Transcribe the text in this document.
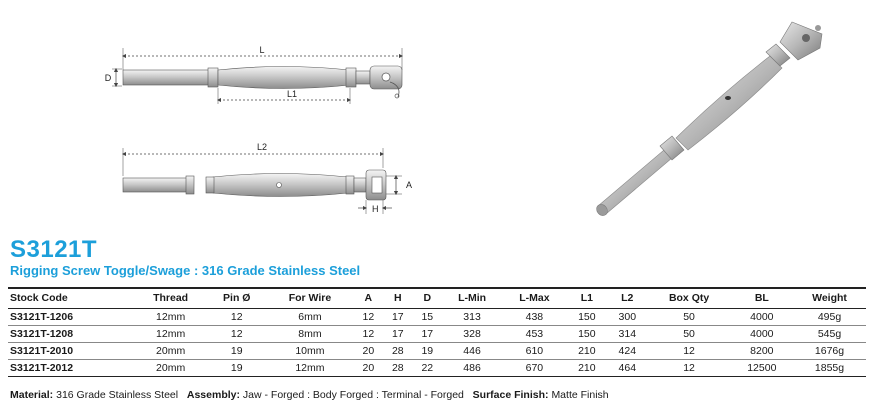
L
D
L1
L2
A
H
S3121T
Rigging Screw Toggle/Swage : 316 Grade Stainless Steel
Stock Code	Thread	Pin Ø	For Wire	A	H	D	L-Min	L-Max	L1	L2	Box Qty	BL	Weight
S3121T-1206	12mm	12	6mm	12	17	15	313	438	150	300	50	4000	495g
S3121T-1208	12mm	12	8mm	12	17	17	328	453	150	314	50	4000	545g
S3121T-2010	20mm	19	10mm	20	28	19	446	610	210	424	12	8200	1676g
S3121T-2012	20mm	19	12mm	20	28	22	486	670	210	464	12	12500	1855g
Material: 316 Grade Stainless Steel Assembly: Jaw - Forged : Body Forged : Terminal - Forged Surface Finish: Matte Finish
